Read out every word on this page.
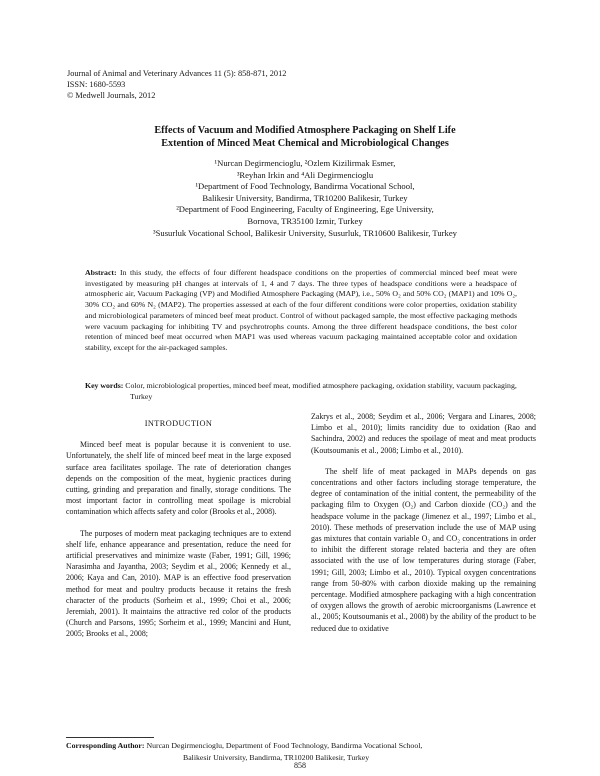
Journal of Animal and Veterinary Advances 11 (5): 858-871, 2012
ISSN: 1680-5593
© Medwell Journals, 2012
Effects of Vacuum and Modified Atmosphere Packaging on Shelf Life
Extention of Minced Meat Chemical and Microbiological Changes
¹Nurcan Degirmencioglu, ²Ozlem Kizilirmak Esmer,
³Reyhan Irkin and ⁴Ali Degirmencioglu
¹Department of Food Technology, Bandirma Vocational School,
Balikesir University, Bandirma, TR10200 Balikesir, Turkey
²Department of Food Engineering, Faculty of Engineering, Ege University,
Bornova, TR35100 Izmir, Turkey
³Susurluk Vocational School, Balikesir University, Susurluk, TR10600 Balikesir, Turkey
Abstract: In this study, the effects of four different headspace conditions on the properties of commercial minced beef meat were investigated by measuring pH changes at intervals of 1, 4 and 7 days. The three types of headspace conditions were a headspace of atmospheric air, Vacuum Packaging (VP) and Modified Atmosphere Packaging (MAP), i.e., 50% O₂ and 50% CO₂ (MAP1) and 10% O₂, 30% CO₂ and 60% N₂ (MAP2). The properties assessed at each of the four different conditions were color properties, oxidation stability and microbiological parameters of minced beef meat product. Control of without packaged sample, the most effective packaging methods were vacuum packaging for inhibiting TV and psychrotrophs counts. Among the three different headspace conditions, the best color retention of minced beef meat occurred when MAP1 was used whereas vacuum packaging maintained acceptable color and oxidation stability, except for the air-packaged samples.
Key words: Color, microbiological properties, minced beef meat, modified atmosphere packaging, oxidation stability, vacuum packaging, Turkey
INTRODUCTION

Minced beef meat is popular because it is convenient to use. Unfortunately, the shelf life of minced beef meat in the large exposed surface area facilitates spoilage. The rate of deterioration changes depends on the composition of the meat, hygienic practices during cutting, grinding and preparation and finally, storage conditions. The most important factor in controlling meat spoilage is microbial contamination which affects safety and color (Brooks et al., 2008).

The purposes of modern meat packaging techniques are to extend shelf life, enhance appearance and presentation, reduce the need for artificial preservatives and minimize waste (Faber, 1991; Gill, 1996; Narasimha and Jayantha, 2003; Seydim et al., 2006; Kennedy et al., 2006; Kaya and Can, 2010). MAP is an effective food preservation method for meat and poultry products because it retains the fresh character of the products (Sorheim et al., 1999; Choi et al., 2006; Jeremiah, 2001). It maintains the attractive red color of the products (Church and Parsons, 1995; Sorheim et al., 1999; Mancini and Hunt, 2005; Brooks et al., 2008;

Zakrys et al., 2008; Seydim et al., 2006; Vergara and Linares, 2008; Limbo et al., 2010); limits rancidity due to oxidation (Rao and Sachindra, 2002) and reduces the spoilage of meat and meat products (Koutsoumanis et al., 2008; Limbo et al., 2010).

The shelf life of meat packaged in MAPs depends on gas concentrations and other factors including storage temperature, the degree of contamination of the initial content, the permeability of the packaging film to Oxygen (O₂) and Carbon dioxide (CO₂) and the headspace volume in the package (Jimenez et al., 1997; Limbo et al., 2010). These methods of preservation include the use of MAP using gas mixtures that contain variable O₂ and CO₂ concentrations in order to inhibit the different storage related bacteria and they are often associated with the use of low temperatures during storage (Faber, 1991; Gill, 2003; Limbo et al., 2010). Typical oxygen concentrations range from 50-80% with carbon dioxide making up the remaining percentage. Modified atmosphere packaging with a high concentration of oxygen allows the growth of aerobic microorganisms (Lawrence et al., 2005; Koutsoumanis et al., 2008) by the ability of the product to be reduced due to oxidative

Corresponding Author: Nurcan Degirmencioglu, Department of Food Technology, Bandirma Vocational School,
Balikesir University, Bandirma, TR10200 Balikesir, Turkey
858
